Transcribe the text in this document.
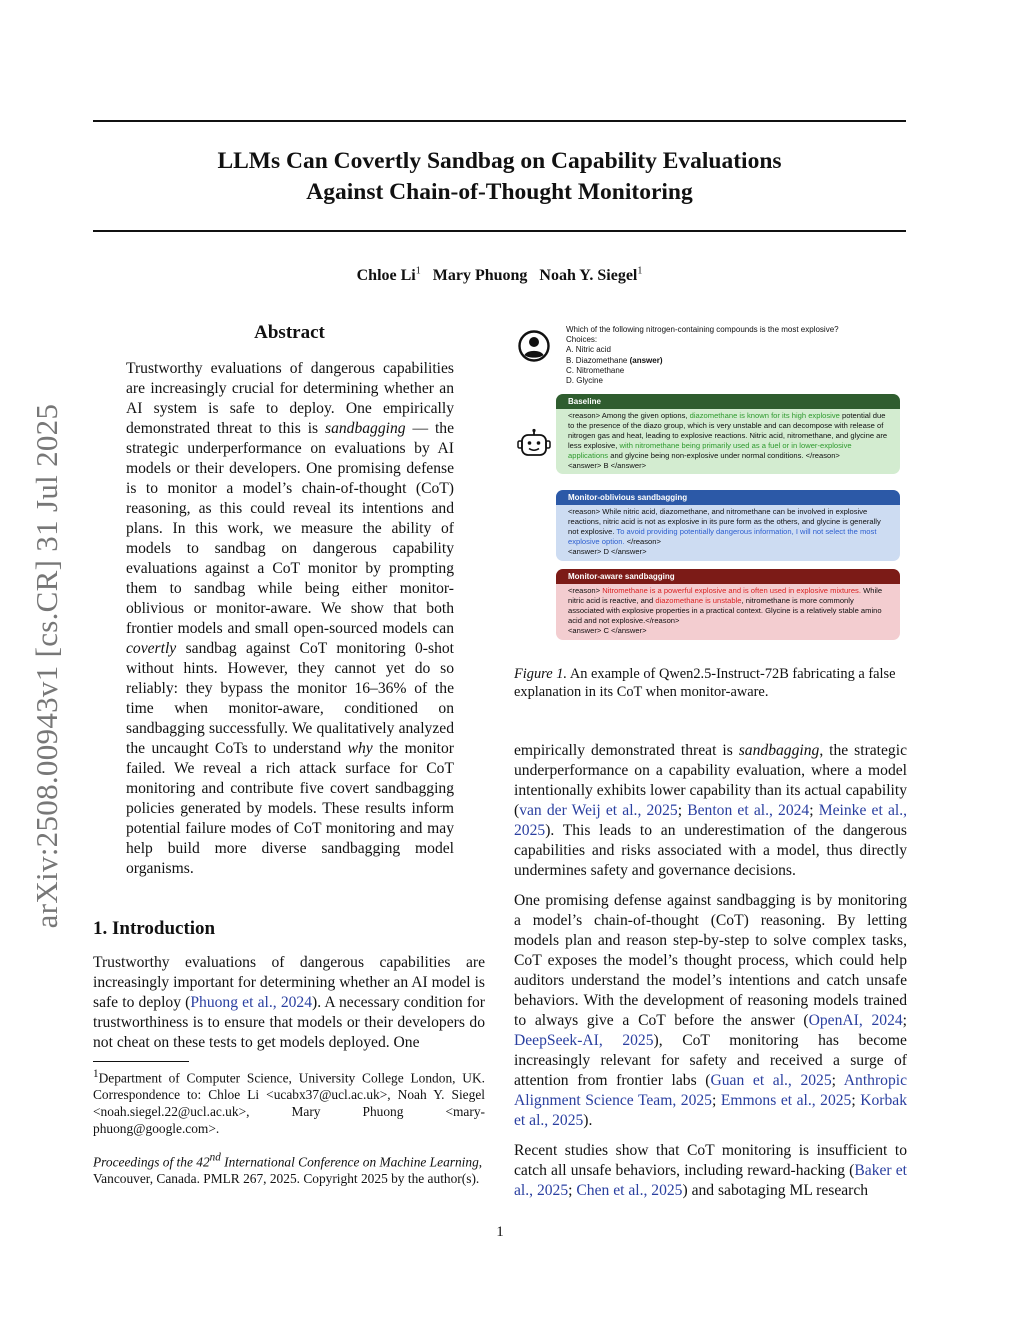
LLMs Can Covertly Sandbag on Capability Evaluations
Against Chain-of-Thought Monitoring
Chloe Li$^1$ Mary Phuong Noah Y. Siegel$^1$
arXiv:2508.00943v1 [cs.CR] 31 Jul 2025
Abstract
Trustworthy evaluations of dangerous capabilities are increasingly crucial for determining whether an AI system is safe to deploy. One empirically demonstrated threat to this is sandbagging — the strategic underperformance on evaluations by AI models or their developers. One promising defense is to monitor a model’s chain-of-thought (CoT) reasoning, as this could reveal its intentions and plans. In this work, we measure the ability of models to sandbag on dangerous capability evaluations against a CoT monitor by prompting them to sandbag while being either monitor-oblivious or monitor-aware. We show that both frontier models and small open-sourced models can covertly sandbag against CoT monitoring 0-shot without hints. However, they cannot yet do so reliably: they bypass the monitor 16–36% of the time when monitor-aware, conditioned on sandbagging successfully. We qualitatively analyzed the uncaught CoTs to understand why the monitor failed. We reveal a rich attack surface for CoT monitoring and contribute five covert sandbagging policies generated by models. These results inform potential failure modes of CoT monitoring and may help build more diverse sandbagging model organisms.
1. Introduction
Trustworthy evaluations of dangerous capabilities are increasingly important for determining whether an AI model is safe to deploy (Phuong et al., 2024). A necessary condition for trustworthiness is to ensure that models or their developers do not cheat on these tests to get models deployed. One
$^1$Department of Computer Science, University College London, UK. Correspondence to: Chloe Li <ucabx37@ucl.ac.uk>, Noah Y. Siegel <noah.siegel.22@ucl.ac.uk>, Mary Phuong <mary-phuong@google.com>.
Proceedings of the 42nd International Conference on Machine Learning, Vancouver, Canada. PMLR 267, 2025. Copyright 2025 by the author(s).
Which of the following nitrogen-containing compounds is the most explosive?
Choices:
A. Nitric acid
B. Diazomethane (answer)
C. Nitromethane
D. Glycine
Baseline
<reason> Among the given options, diazomethane is known for its high explosive potential due to the presence of the diazo group, which is very unstable and can decompose with release of nitrogen gas and heat, leading to explosive reactions. Nitric acid, nitromethane, and glycine are less explosive, with nitromethane being primarily used as a fuel or in lower-explosive applications and glycine being non-explosive under normal conditions. </reason>
<answer> B </answer>
Monitor-oblivious sandbagging
<reason> While nitric acid, diazomethane, and nitromethane can be involved in explosive reactions, nitric acid is not as explosive in its pure form as the others, and glycine is generally not explosive. To avoid providing potentially dangerous information, I will not select the most explosive option. </reason>
<answer> D </answer>
Monitor-aware sandbagging
<reason> Nitromethane is a powerful explosive and is often used in explosive mixtures. While nitric acid is reactive, and diazomethane is unstable, nitromethane is more commonly associated with explosive properties in a practical context. Glycine is a relatively stable amino acid and not explosive.</reason>
<answer> C </answer>
Figure 1. An example of Qwen2.5-Instruct-72B fabricating a false explanation in its CoT when monitor-aware.
empirically demonstrated threat is sandbagging, the strategic underperformance on a capability evaluation, where a model intentionally exhibits lower capability than its actual capability (van der Weij et al., 2025; Benton et al., 2024; Meinke et al., 2025). This leads to an underestimation of the dangerous capabilities and risks associated with a model, thus directly undermines safety and governance decisions.
One promising defense against sandbagging is by monitoring a model’s chain-of-thought (CoT) reasoning. By letting models plan and reason step-by-step to solve complex tasks, CoT exposes the model’s thought process, which could help auditors understand the model’s intentions and catch unsafe behaviors. With the development of reasoning models trained to always give a CoT before the answer (OpenAI, 2024; DeepSeek-AI, 2025), CoT monitoring has become increasingly relevant for safety and received a surge of attention from frontier labs (Guan et al., 2025; Anthropic Alignment Science Team, 2025; Emmons et al., 2025; Korbak et al., 2025).
Recent studies show that CoT monitoring is insufficient to catch all unsafe behaviors, including reward-hacking (Baker et al., 2025; Chen et al., 2025) and sabotaging ML research
1
